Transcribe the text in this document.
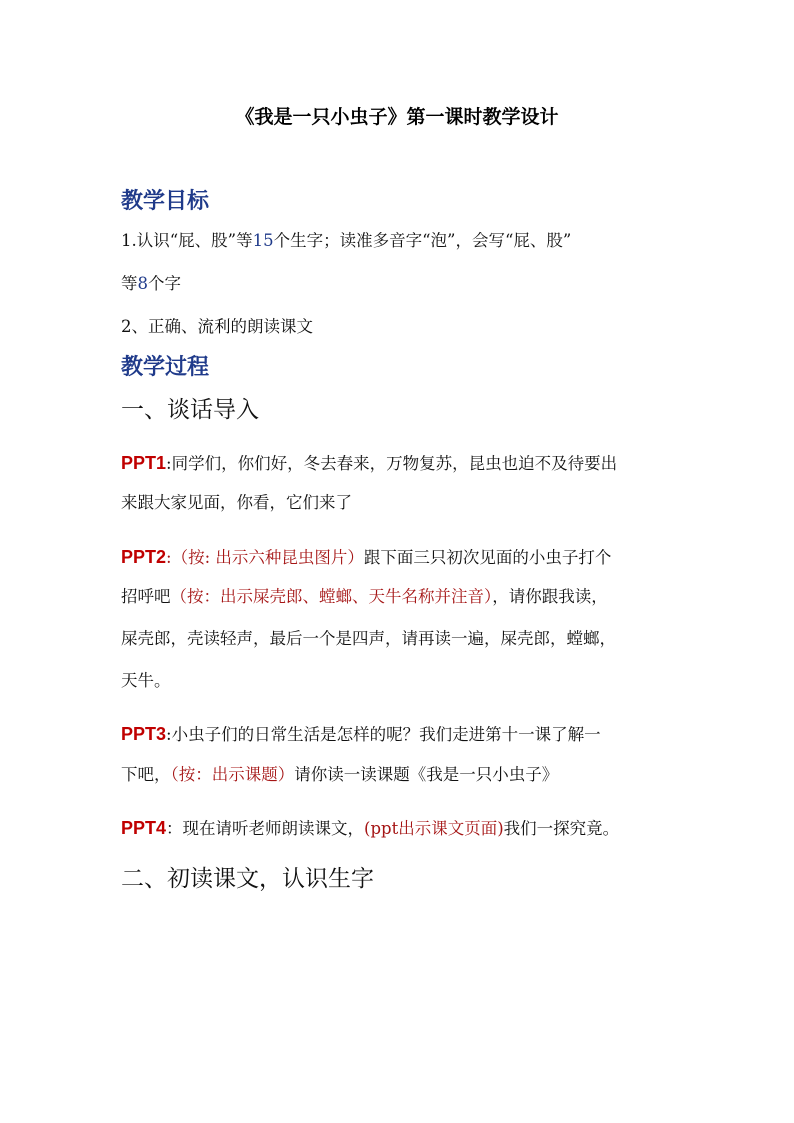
《我是一只小虫子》第一课时教学设计
教学目标
1.认识“屁、股”等15个生字；读准多音字“泡”，会写“屁、股”
等8个字
2、正确、流利的朗读课文
教学过程
一、谈话导入
PPT1:同学们，你们好，冬去春来，万物复苏，昆虫也迫不及待要出
来跟大家见面，你看，它们来了
PPT2:（按: 出示六种昆虫图片）跟下面三只初次见面的小虫子打个
招呼吧（按：出示屎壳郎、螳螂、天牛名称并注音），请你跟我读，
屎壳郎，壳读轻声，最后一个是四声，请再读一遍，屎壳郎，螳螂，
天牛。
PPT3:小虫子们的日常生活是怎样的呢？我们走进第十一课了解一
下吧，（按：出示课题）请你读一读课题《我是一只小虫子》
PPT4：现在请听老师朗读课文，(ppt出示课文页面)我们一探究竟。
二、初读课文，认识生字
